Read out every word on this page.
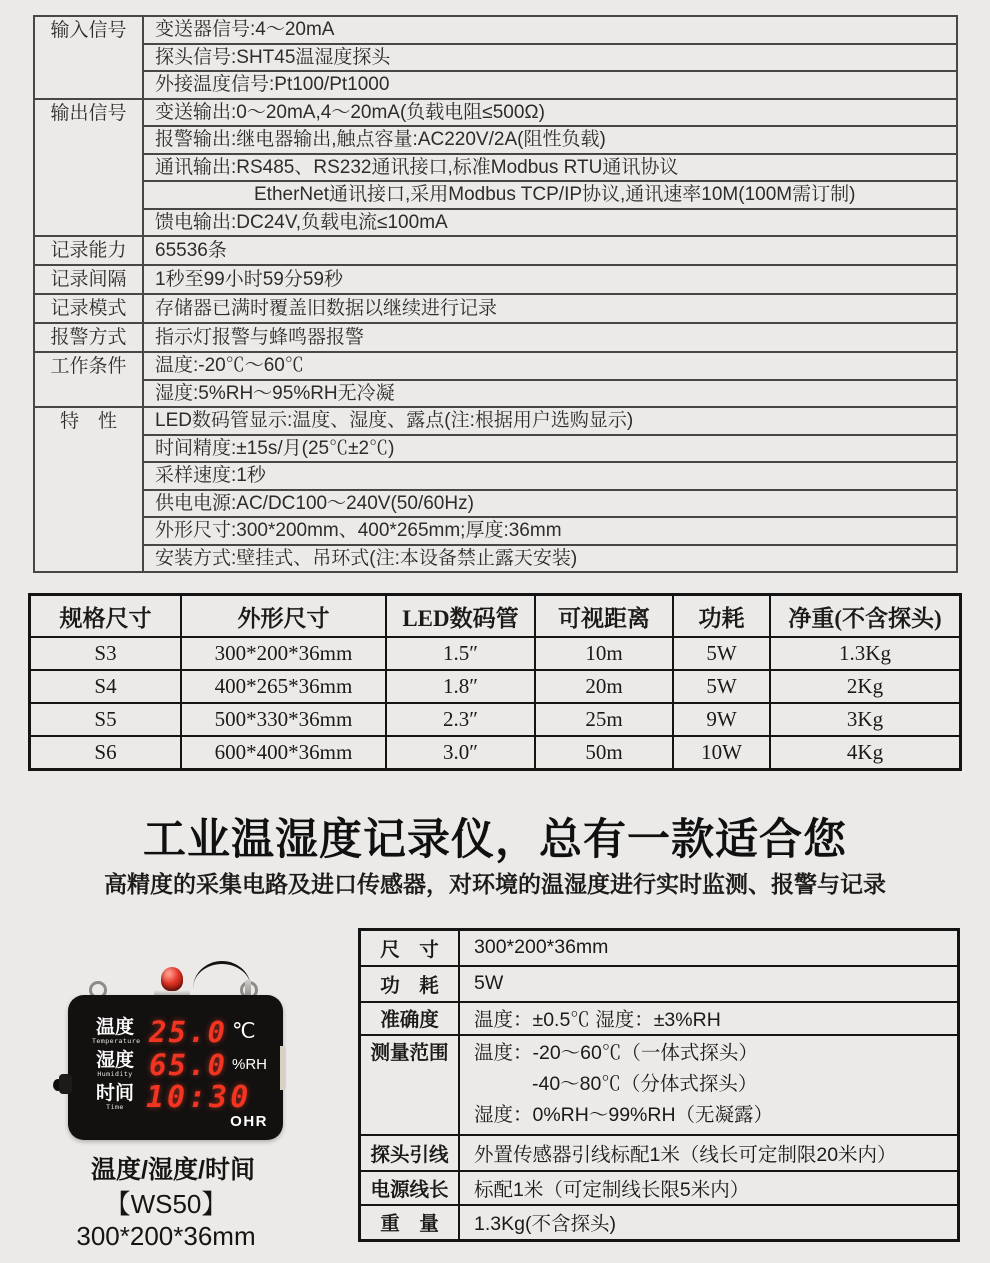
输入信号	变送器信号:4～20mA
	探头信号:SHT45温湿度探头
	外接温度信号:Pt100/Pt1000
输出信号	变送输出:0～20mA,4～20mA(负载电阻≤500Ω)
	报警输出:继电器输出,触点容量:AC220V/2A(阻性负载)
	通讯输出:RS485、RS232通讯接口,标准Modbus RTU通讯协议
	EtherNet通讯接口,采用Modbus TCP/IP协议,通讯速率10M(100M需订制)
	馈电输出:DC24V,负载电流≤100mA
记录能力	65536条
记录间隔	1秒至99小时59分59秒
记录模式	存储器已满时覆盖旧数据以继续进行记录
报警方式	指示灯报警与蜂鸣器报警
工作条件	温度:-20℃～60℃
	湿度:5%RH～95%RH无冷凝
特　性	LED数码管显示:温度、湿度、露点(注:根据用户选购显示)
	时间精度:±15s/月(25℃±2℃)
	采样速度:1秒
	供电电源:AC/DC100～240V(50/60Hz)
	外形尺寸:300*200mm、400*265mm;厚度:36mm
	安装方式:壁挂式、吊环式(注:本设备禁止露天安装)
规格尺寸	外形尺寸	LED数码管	可视距离	功耗	净重(不含探头)
S3	300*200*36mm	1.5″	10m	5W	1.3Kg
S4	400*265*36mm	1.8″	20m	5W	2Kg
S5	500*330*36mm	2.3″	25m	9W	3Kg
S6	600*400*36mm	3.0″	50m	10W	4Kg
工业温湿度记录仪，总有一款适合您
高精度的采集电路及进口传感器，对环境的温湿度进行实时监测、报警与记录
温度
Temperature 25.0 ℃
湿度
Humidity 65.0 %RH
时间
Time 10:30
OHR
温度/湿度/时间
【WS50】300*200*36mm
尺　寸	300*200*36mm
功　耗	5W
准确度	温度：±0.5℃ 湿度：±3%RH
测量范围	温度：-20～60℃（一体式探头）
-40～80℃（分体式探头）
湿度：0%RH～99%RH（无凝露）

探头引线	外置传感器引线标配1米（线长可定制限20米内）
电源线长	标配1米（可定制线长限5米内）
重　量	1.3Kg(不含探头)
